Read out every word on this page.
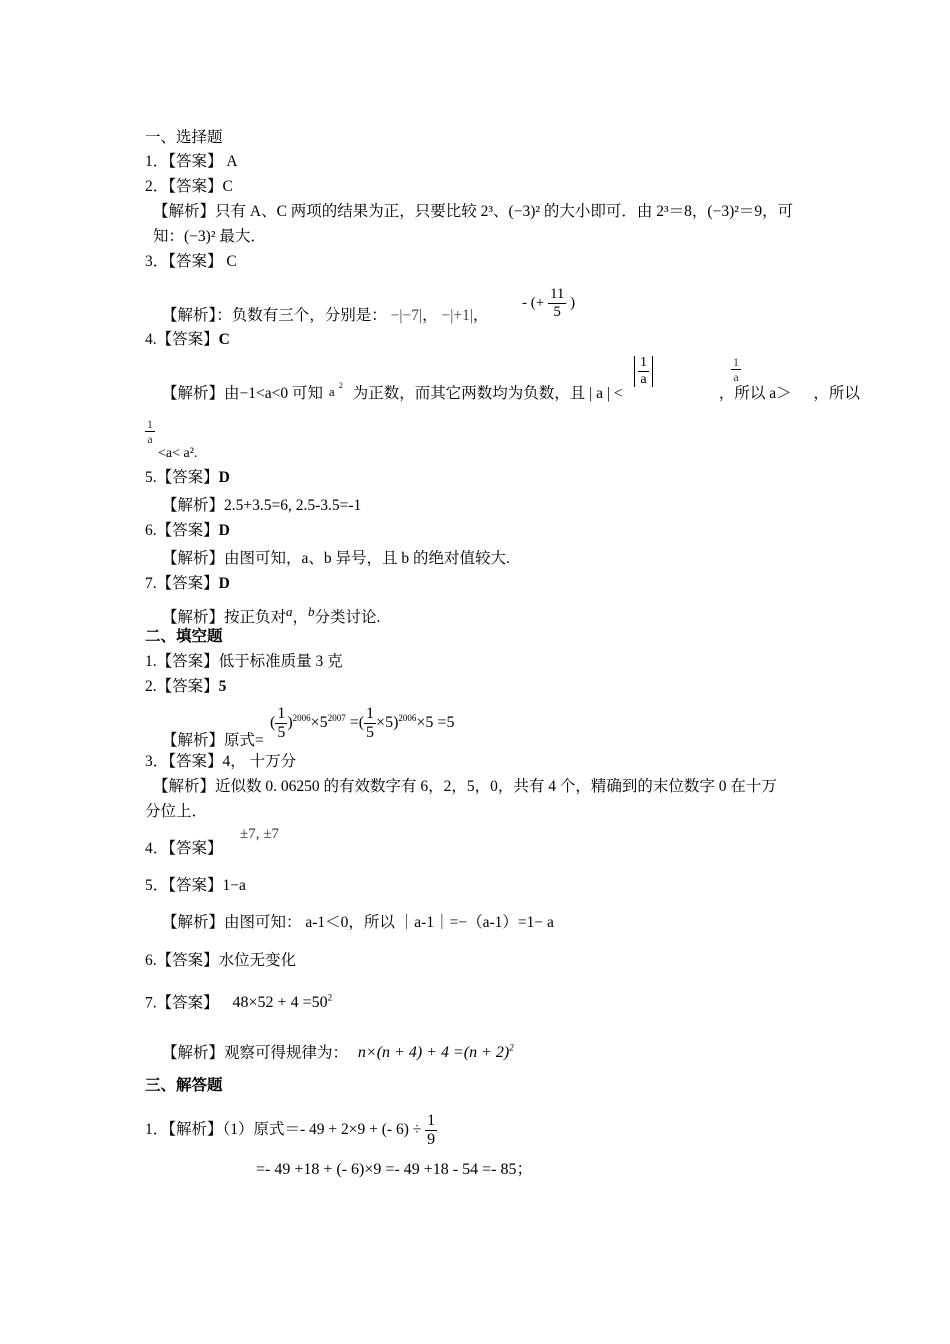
一、选择题
1．【答案】 A
2．【答案】C
【解析】只有 A、C 两项的结果为正，只要比较 2³、(−3)² 的大小即可．由 2³＝8，(−3)²＝9，可
知：(−3)² 最大．
3．【答案】 C
【解析】：负数有三个，分别是： −|−7|， −|+1|，
- (+ $\frac{11}{5}$ )
4.【答案】C
【解析】由−1<a<0 可知 a 2 为正数，而其它两数均为负数，且 | a | <	，所以 a＞ ，所以
$\frac{1}{a}$	$\frac{1}{a}$
$\frac{1}{a}$
<a< a².
5.【答案】D
【解析】2.5+3.5=6, 2.5-3.5=-1
6.【答案】D
【解析】由图可知，a、b 异号，且 b 的绝对值较大.
7.【答案】D
【解析】按正负对$^a$，$^b$分类讨论.
二、填空题
1.【答案】低于标准质量 3 克
2.【答案】5
【解析】原式=
( $\frac{1}{5} )^{2006}\times 5^{2007}$ =( $\frac{1}{5} \times 5)^{2006}\times 5 =5$
3．【答案】4， 十万分
【解析】近似数 0. 06250 的有效数字有 6，2，5，0，共有 4 个，精确到的末位数字 0 在十万
分位上．
4．【答案】
±7, ±7
5．【答案】1−a
【解析】由图可知： a-1＜0，所以 ｜a-1｜=−（a-1）=1− a
6.【答案】水位无变化
7.【答案】 $48\times 52 + 4 =50^2$
【解析】观察可得规律为： $n\times(n + 4) + 4 =(n + 2)^2$
三、解答题
1．【解析】（1）原式＝- 49 + 2×9 + (- $6) \div \frac{1}{9}$
=- 49 +18 + (- 6)×9 =- 49 +18 - 54 =- 85；
